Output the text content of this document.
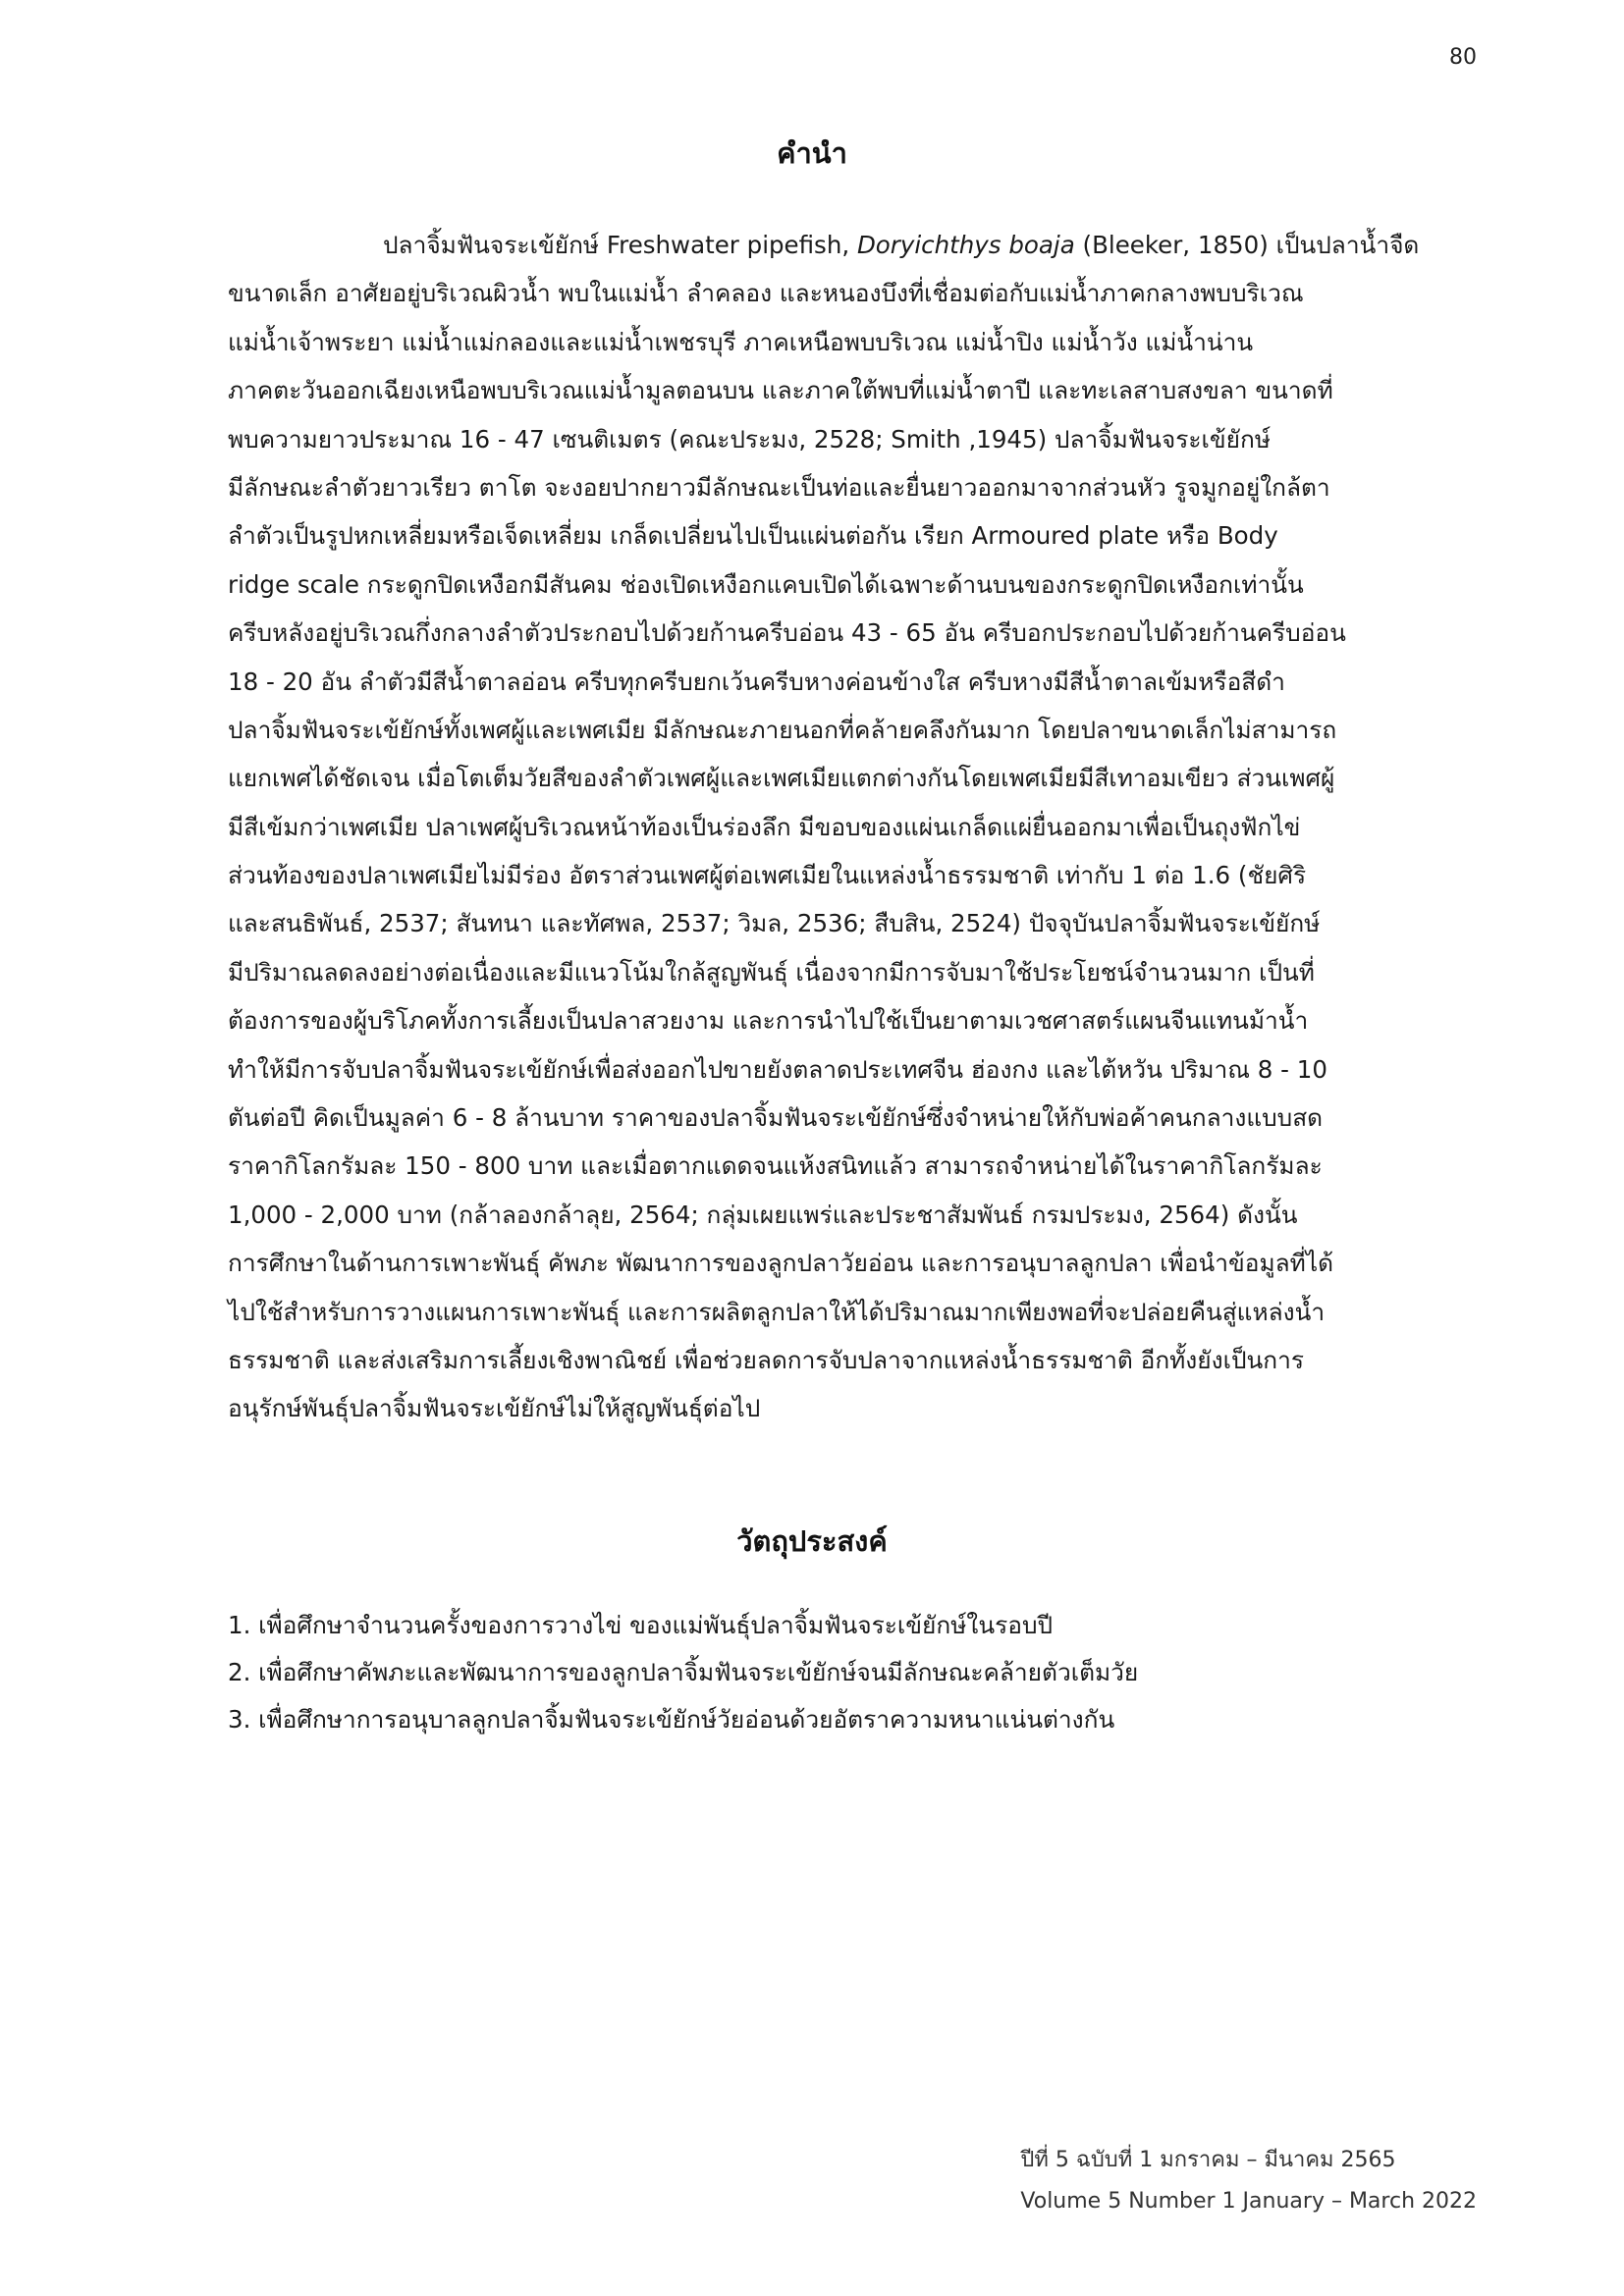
80
คำนำ
ปลาจิ้มฟันจระเข้ยักษ์ Freshwater pipefish, Doryichthys boaja (Bleeker, 1850) เป็นปลาน้ำจืด
ขนาดเล็ก อาศัยอยู่บริเวณผิวน้ำ พบในแม่น้ำ ลำคลอง และหนองบึงที่เชื่อมต่อกับแม่น้ำภาคกลางพบบริเวณ
แม่น้ำเจ้าพระยา แม่น้ำแม่กลองและแม่น้ำเพชรบุรี ภาคเหนือพบบริเวณ แม่น้ำปิง แม่น้ำวัง แม่น้ำน่าน
ภาคตะวันออกเฉียงเหนือพบบริเวณแม่น้ำมูลตอนบน และภาคใต้พบที่แม่น้ำตาปี และทะเลสาบสงขลา ขนาดที่
พบความยาวประมาณ 16 - 47 เซนติเมตร (คณะประมง, 2528; Smith ,1945) ปลาจิ้มฟันจระเข้ยักษ์
มีลักษณะลำตัวยาวเรียว ตาโต จะงอยปากยาวมีลักษณะเป็นท่อและยื่นยาวออกมาจากส่วนหัว รูจมูกอยู่ใกล้ตา
ลำตัวเป็นรูปหกเหลี่ยมหรือเจ็ดเหลี่ยม เกล็ดเปลี่ยนไปเป็นแผ่นต่อกัน เรียก Armoured plate หรือ Body
ridge scale กระดูกปิดเหงือกมีสันคม ช่องเปิดเหงือกแคบเปิดได้เฉพาะด้านบนของกระดูกปิดเหงือกเท่านั้น
ครีบหลังอยู่บริเวณกึ่งกลางลำตัวประกอบไปด้วยก้านครีบอ่อน 43 - 65 อัน ครีบอกประกอบไปด้วยก้านครีบอ่อน
18 - 20 อัน ลำตัวมีสีน้ำตาลอ่อน ครีบทุกครีบยกเว้นครีบหางค่อนข้างใส ครีบหางมีสีน้ำตาลเข้มหรือสีดำ
ปลาจิ้มฟันจระเข้ยักษ์ทั้งเพศผู้และเพศเมีย มีลักษณะภายนอกที่คล้ายคลึงกันมาก โดยปลาขนาดเล็กไม่สามารถ
แยกเพศได้ชัดเจน เมื่อโตเต็มวัยสีของลำตัวเพศผู้และเพศเมียแตกต่างกันโดยเพศเมียมีสีเทาอมเขียว ส่วนเพศผู้
มีสีเข้มกว่าเพศเมีย ปลาเพศผู้บริเวณหน้าท้องเป็นร่องลึก มีขอบของแผ่นเกล็ดแผ่ยื่นออกมาเพื่อเป็นถุงฟักไข่
ส่วนท้องของปลาเพศเมียไม่มีร่อง อัตราส่วนเพศผู้ต่อเพศเมียในแหล่งน้ำธรรมชาติ เท่ากับ 1 ต่อ 1.6 (ชัยศิริ
และสนธิพันธ์, 2537; สันทนา และทัศพล, 2537; วิมล, 2536; สืบสิน, 2524) ปัจจุบันปลาจิ้มฟันจระเข้ยักษ์
มีปริมาณลดลงอย่างต่อเนื่องและมีแนวโน้มใกล้สูญพันธุ์ เนื่องจากมีการจับมาใช้ประโยชน์จำนวนมาก เป็นที่
ต้องการของผู้บริโภคทั้งการเลี้ยงเป็นปลาสวยงาม และการนำไปใช้เป็นยาตามเวชศาสตร์แผนจีนแทนม้าน้ำ
ทำให้มีการจับปลาจิ้มฟันจระเข้ยักษ์เพื่อส่งออกไปขายยังตลาดประเทศจีน ฮ่องกง และไต้หวัน ปริมาณ 8 - 10
ตันต่อปี คิดเป็นมูลค่า 6 - 8 ล้านบาท ราคาของปลาจิ้มฟันจระเข้ยักษ์ซึ่งจำหน่ายให้กับพ่อค้าคนกลางแบบสด
ราคากิโลกรัมละ 150 - 800 บาท และเมื่อตากแดดจนแห้งสนิทแล้ว สามารถจำหน่ายได้ในราคากิโลกรัมละ
1,000 - 2,000 บาท (กล้าลองกล้าลุย, 2564; กลุ่มเผยแพร่และประชาสัมพันธ์ กรมประมง, 2564) ดังนั้น
การศึกษาในด้านการเพาะพันธุ์ คัพภะ พัฒนาการของลูกปลาวัยอ่อน และการอนุบาลลูกปลา เพื่อนำข้อมูลที่ได้
ไปใช้สำหรับการวางแผนการเพาะพันธุ์ และการผลิตลูกปลาให้ได้ปริมาณมากเพียงพอที่จะปล่อยคืนสู่แหล่งน้ำ
ธรรมชาติ และส่งเสริมการเลี้ยงเชิงพาณิชย์ เพื่อช่วยลดการจับปลาจากแหล่งน้ำธรรมชาติ อีกทั้งยังเป็นการ
อนุรักษ์พันธุ์ปลาจิ้มฟันจระเข้ยักษ์ไม่ให้สูญพันธุ์ต่อไป
วัตถุประสงค์
1. เพื่อศึกษาจำนวนครั้งของการวางไข่ ของแม่พันธุ์ปลาจิ้มฟันจระเข้ยักษ์ในรอบปี
2. เพื่อศึกษาคัพภะและพัฒนาการของลูกปลาจิ้มฟันจระเข้ยักษ์จนมีลักษณะคล้ายตัวเต็มวัย
3. เพื่อศึกษาการอนุบาลลูกปลาจิ้มฟันจระเข้ยักษ์วัยอ่อนด้วยอัตราความหนาแน่นต่างกัน
ปีที่ 5 ฉบับที่ 1 มกราคม – มีนาคม 2565
Volume 5 Number 1 January – March 2022
